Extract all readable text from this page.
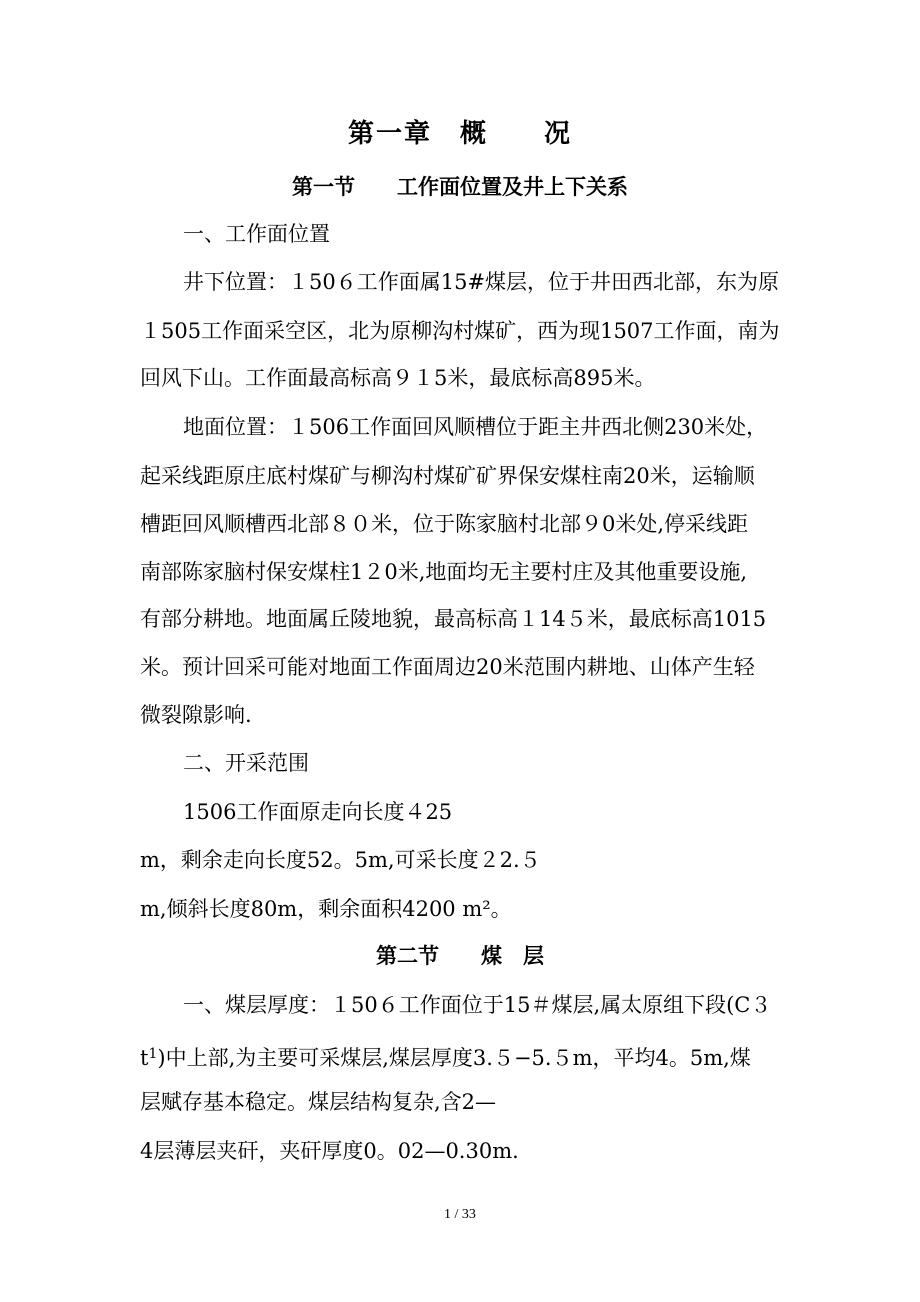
第一章　概　　况
第一节　　工作面位置及井上下关系
一、工作面位置
井下位置：１50６工作面属15#煤层，位于井田西北部，东为原
１505工作面采空区，北为原柳沟村煤矿，西为现1507工作面，南为
回风下山。工作面最高标高９１5米，最底标高895米。
地面位置：１506工作面回风顺槽位于距主井西北侧230米处，
起采线距原庄底村煤矿与柳沟村煤矿矿界保安煤柱南20米，运输顺
槽距回风顺槽西北部８０米，位于陈家脑村北部９0米处,停采线距
南部陈家脑村保安煤柱1２0米,地面均无主要村庄及其他重要设施,
有部分耕地。地面属丘陵地貌，最高标高１14５米，最底标高1015
米。预计回采可能对地面工作面周边20米范围内耕地、山体产生轻
微裂隙影响.
二、开采范围
1506工作面原走向长度４25
m，剩余走向长度52。5m,可采长度２2.５
m,倾斜长度80m，剩余面积4200 m²。
第二节　　煤　层
一、煤层厚度：１50６工作面位于15＃煤层,属太原组下段(C３
$t^1$)中上部,为主要可采煤层,煤层厚度3.５−5.５m，平均4。5m,煤
层赋存基本稳定。煤层结构复杂,含2—
4层薄层夹矸，夹矸厚度0。02—0.30m.
1 / 33
